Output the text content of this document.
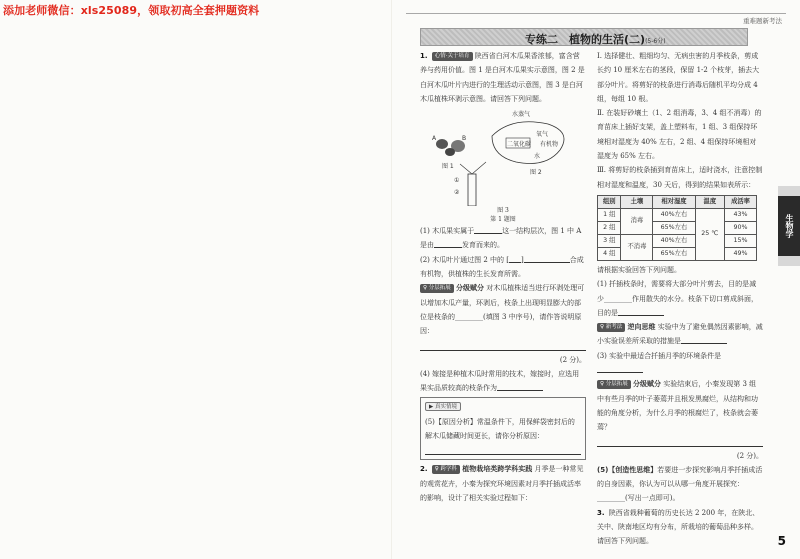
添加老师微信：xls25089，领取初高全套押题资料
重难题新考法
专练二　植物的生活(二)(5-6分)

1. 心情·关于培育 陕西省白河木瓜果香浓郁，富含营养与药用价值。图 1 是白河木瓜果实示意图，图 2 是白河木瓜叶片内进行的生理活动示意图，图 3 是白河木瓜植株环剥示意图。请回答下列问题。

A	B
图 1
水蒸气
二氧化碳
氧气
有机物
水
图 2
①
②

图 3
第 1 题图

(1) 木瓜果实属于	这一结构层次，图 1 中 A 是由	发育而来的。

(2) 木瓜叶片通过图 2 中的 [ ]	合成有机物，供植株的生长发育所需。

♀ 分层拓展 分级赋分 对木瓜植株适当进行环剥处理可以增加木瓜产量，环剥后，枝条上出现明显膨大的部位是枝条的________(填图 3 中序号)，请作答说明原因：

(2 分)。

(4) 嫁接是种植木瓜时常用的技术，嫁接时，应选用果实品质较高的枝条作为

▶ 真实情境
(5)【原因分析】常温条件下，用保鲜袋密封后的解木瓜储藏时间更长，请你分析原因：

2. ♀ 跨学科 植物栽培类跨学科实践 月季是一种常见的观赏花卉，小秦为探究环境因素对月季扦插成活率的影响，设计了相关实验过程如下：

Ⅰ. 选择健壮、粗细均匀、无病虫害的月季枝条，剪成长约 10 厘米左右的茎段，保留 1-2 个枝芽，插去大部分叶片。将剪好的枝条进行消毒后随机平均分成 4 组，每组 10 根。

Ⅱ. 在装好砂壤土（1、2 组消毒，3、4 组不消毒）的育苗床上插好支架，盖上塑料布，1 组、3 组保持环境相对湿度为 40% 左右，2 组、4 组保持环境相对湿度为 65% 左右。

Ⅲ. 将剪好的枝条插到育苗床上，适时浇水，注意控制相对湿度和温度，30 天后，得到的结果如表所示：

组别	土壤	相对湿度	温度	成活率
1 组	消毒	40%左右	25 ℃	43%
2 组		65%左右		90%
3 组	不消毒	40%左右		15%
4 组		65%左右		49%

请根据实验回答下列问题。

(1) 扦插枝条时，需要将大部分叶片剪去，目的是减少________作用散失的水分。枝条下切口剪成斜面，目的是

♀ 新考法 逆向思维 实验中为了避免偶然因素影响，减小实验误差所采取的措施是

(3) 实验中最适合扦插月季的环境条件是

♀ 分层拓展 分级赋分 实验结束后，小秦发现第 3 组中有些月季的叶子萎蔫并且根发黑腐烂，从结构和功能的角度分析，为什么月季的根腐烂了，枝条就会萎蔫？

(2 分)。

(5)【创造性思维】若要进一步探究影响月季扦插成活的自身因素，你认为可以从哪一角度开展探究：________(写出一点即可)。

3. 陕西省栽种葡萄的历史长达 2 200 年，在陕北、关中、陕南地区均有分布，所栽培的葡萄品种多样。请回答下列问题。

生物学
5
